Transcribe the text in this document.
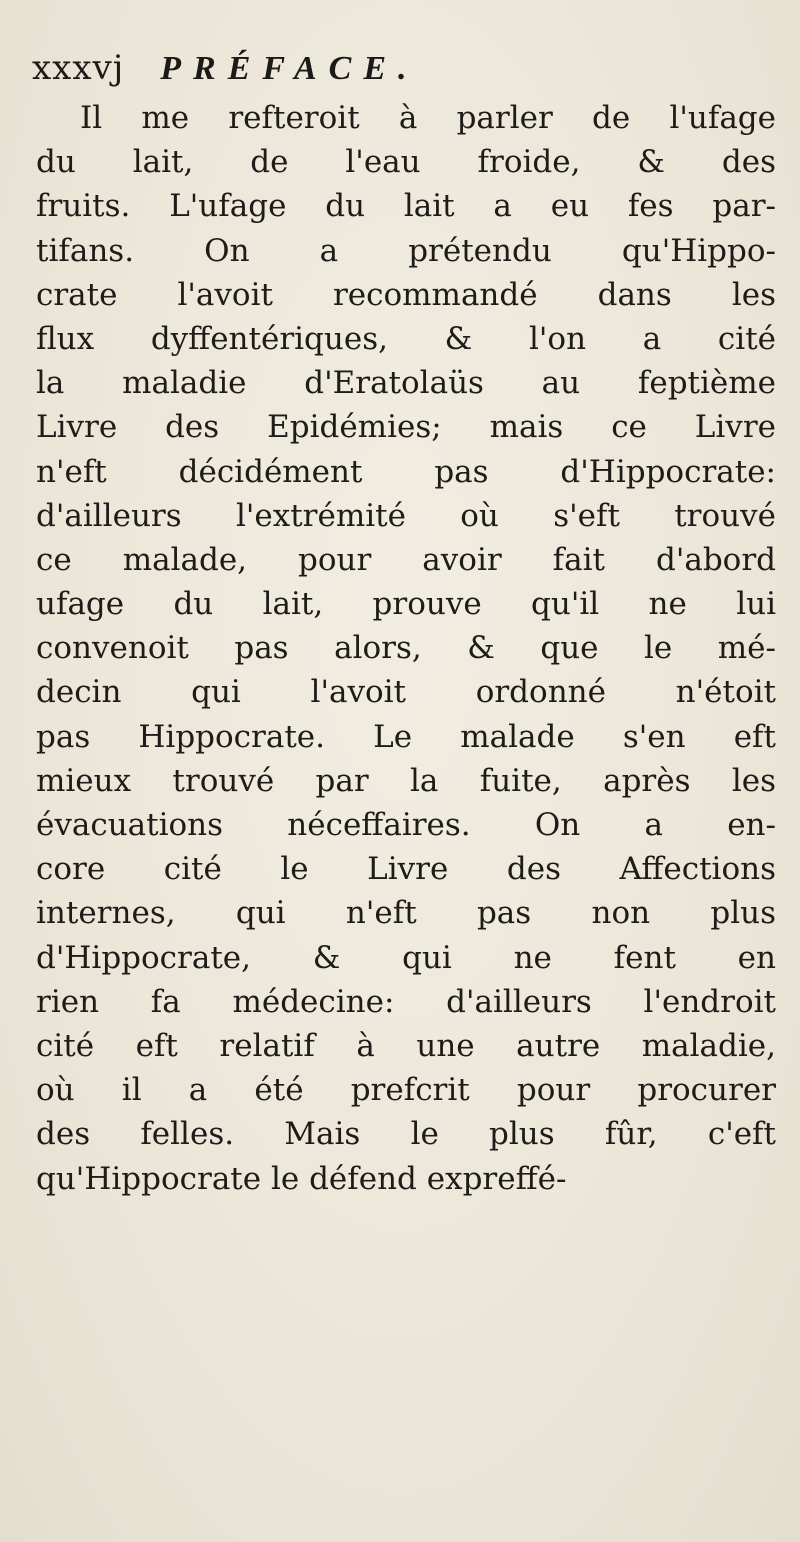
xxxvj PRÉFACE.
Il me refteroit à parler de l'ufage
du lait, de l'eau froide, & des
fruits. L'ufage du lait a eu fes par-
tifans. On a prétendu qu'Hippo-
crate l'avoit recommandé dans les
flux dyffentériques, & l'on a cité
la maladie d'Eratolaüs au feptième
Livre des Epidémies; mais ce Livre
n'eft décidément pas d'Hippocrate:
d'ailleurs l'extrémité où s'eft trouvé
ce malade, pour avoir fait d'abord
ufage du lait, prouve qu'il ne lui
convenoit pas alors, & que le mé-
decin qui l'avoit ordonné n'étoit
pas Hippocrate. Le malade s'en eft
mieux trouvé par la fuite, après les
évacuations néceffaires. On a en-
core cité le Livre des Affections
internes, qui n'eft pas non plus
d'Hippocrate, & qui ne fent en
rien fa médecine: d'ailleurs l'endroit
cité eft relatif à une autre maladie,
où il a été prefcrit pour procurer
des felles. Mais le plus fûr, c'eft
qu'Hippocrate le défend expreffé-
